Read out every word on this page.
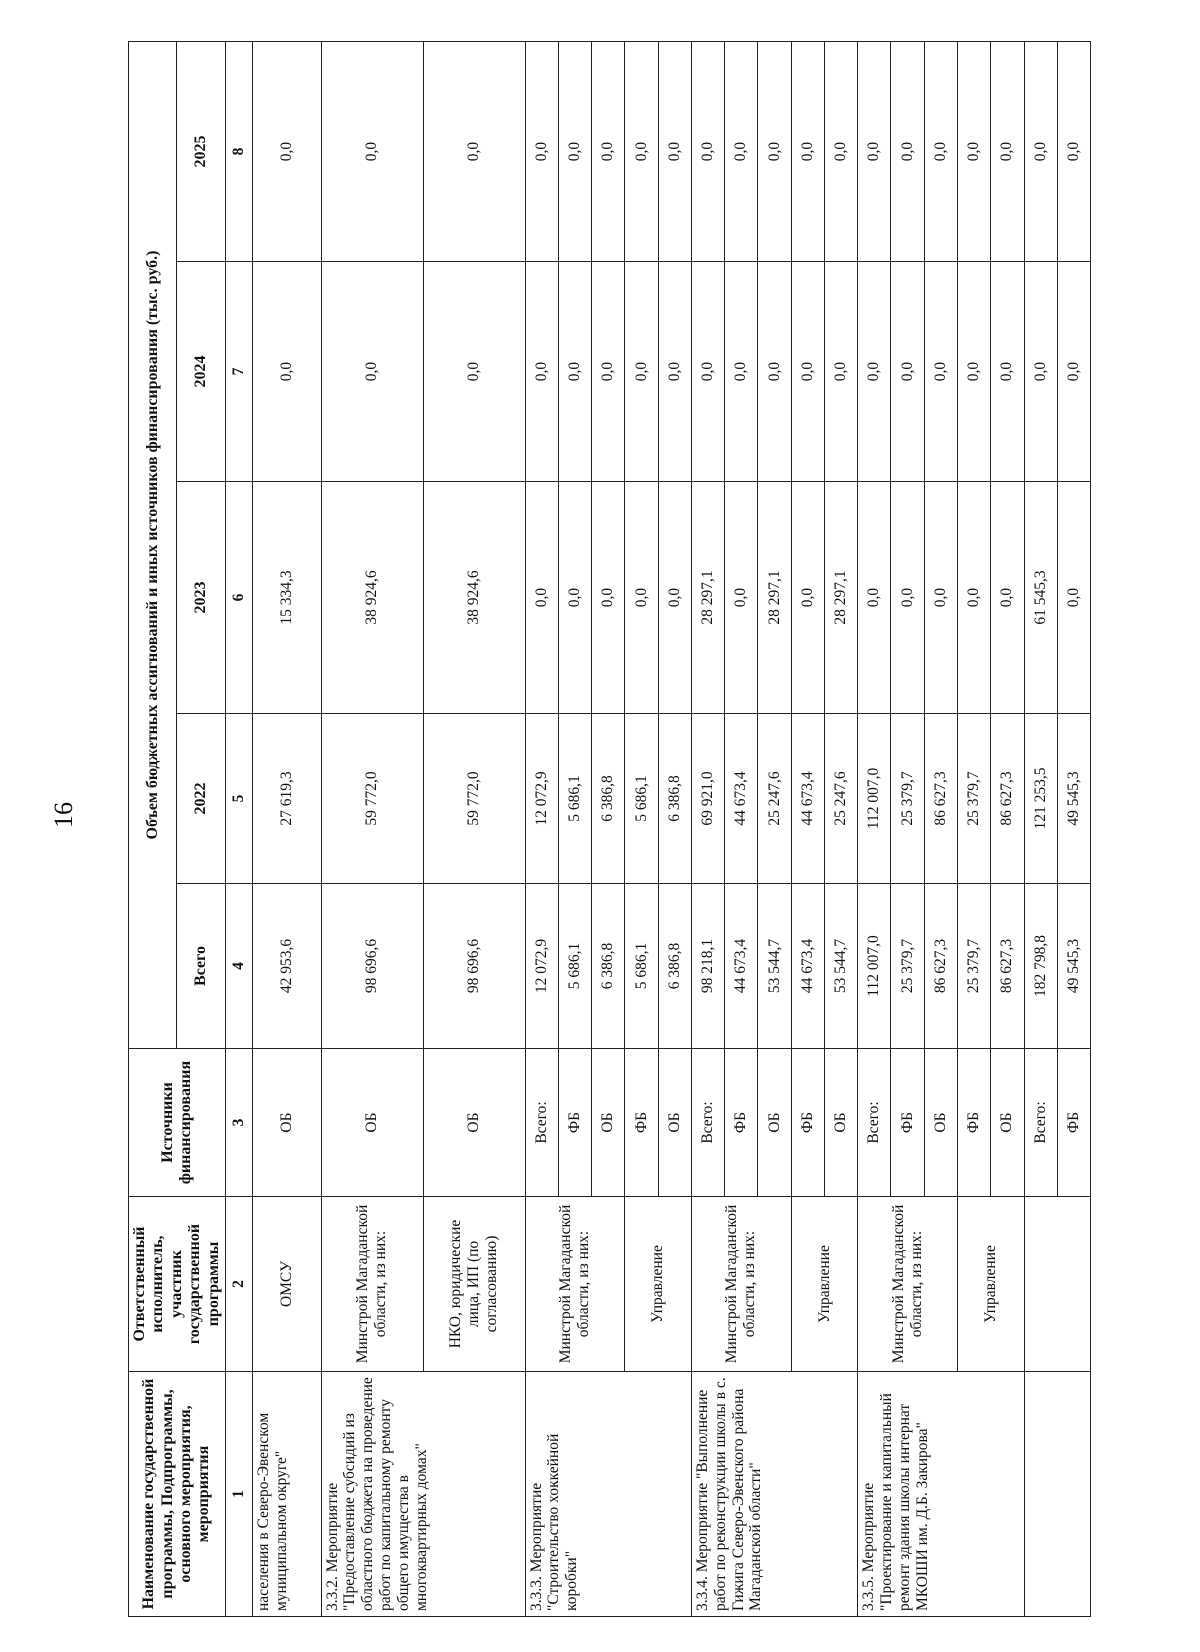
16
Наименование государственной программы, Подпрограммы, основного мероприятия, мероприятия	Ответственный исполнитель, участник государственной программы	Источники финансирования	Объем бюджетных ассигнований и иных источников финансирования (тыс. руб.)				
			Всего	2022	2023	2024	2025
1	2	3	4	5	6	7	8
населения в Северо-Эвенском муниципальном округе"	ОМСУ	ОБ	42 953,6	27 619,3	15 334,3	0,0	0,0
3.3.2. Мероприятие "Предоставление субсидий из областного бюджета на проведение работ по капитальному ремонту общего имущества в многоквартирных домах"	Минстрой Магаданской области, из них:	ОБ	98 696,6	59 772,0	38 924,6	0,0	0,0
	НКО, юридические лица, ИП (по согласованию)	ОБ	98 696,6	59 772,0	38 924,6	0,0	0,0
3.3.3. Мероприятие "Строительство хоккейной коробки"	Минстрой Магаданской области, из них:	Всего:	12 072,9	12 072,9	0,0	0,0	0,0
		ФБ	5 686,1	5 686,1	0,0	0,0	0,0
		ОБ	6 386,8	6 386,8	0,0	0,0	0,0
	Управление	ФБ	5 686,1	5 686,1	0,0	0,0	0,0
		ОБ	6 386,8	6 386,8	0,0	0,0	0,0
3.3.4. Мероприятие "Выполнение работ по реконструкции школы в с. Гижига Северо-Эвенского района Магаданской области"	Минстрой Магаданской области, из них:	Всего:	98 218,1	69 921,0	28 297,1	0,0	0,0
		ФБ	44 673,4	44 673,4	0,0	0,0	0,0
		ОБ	53 544,7	25 247,6	28 297,1	0,0	0,0
	Управление	ФБ	44 673,4	44 673,4	0,0	0,0	0,0
		ОБ	53 544,7	25 247,6	28 297,1	0,0	0,0
3.3.5. Мероприятие "Проектирование и капитальный ремонт здания школы интернат МКОШИ им. Д.Б. Закирова"	Минстрой Магаданской области, из них:	Всего:	112 007,0	112 007,0	0,0	0,0	0,0
		ФБ	25 379,7	25 379,7	0,0	0,0	0,0
		ОБ	86 627,3	86 627,3	0,0	0,0	0,0
	Управление	ФБ	25 379,7	25 379,7	0,0	0,0	0,0
		ОБ	86 627,3	86 627,3	0,0	0,0	0,0
		Всего:	182 798,8	121 253,5	61 545,3	0,0	0,0
		ФБ	49 545,3	49 545,3	0,0	0,0	0,0
